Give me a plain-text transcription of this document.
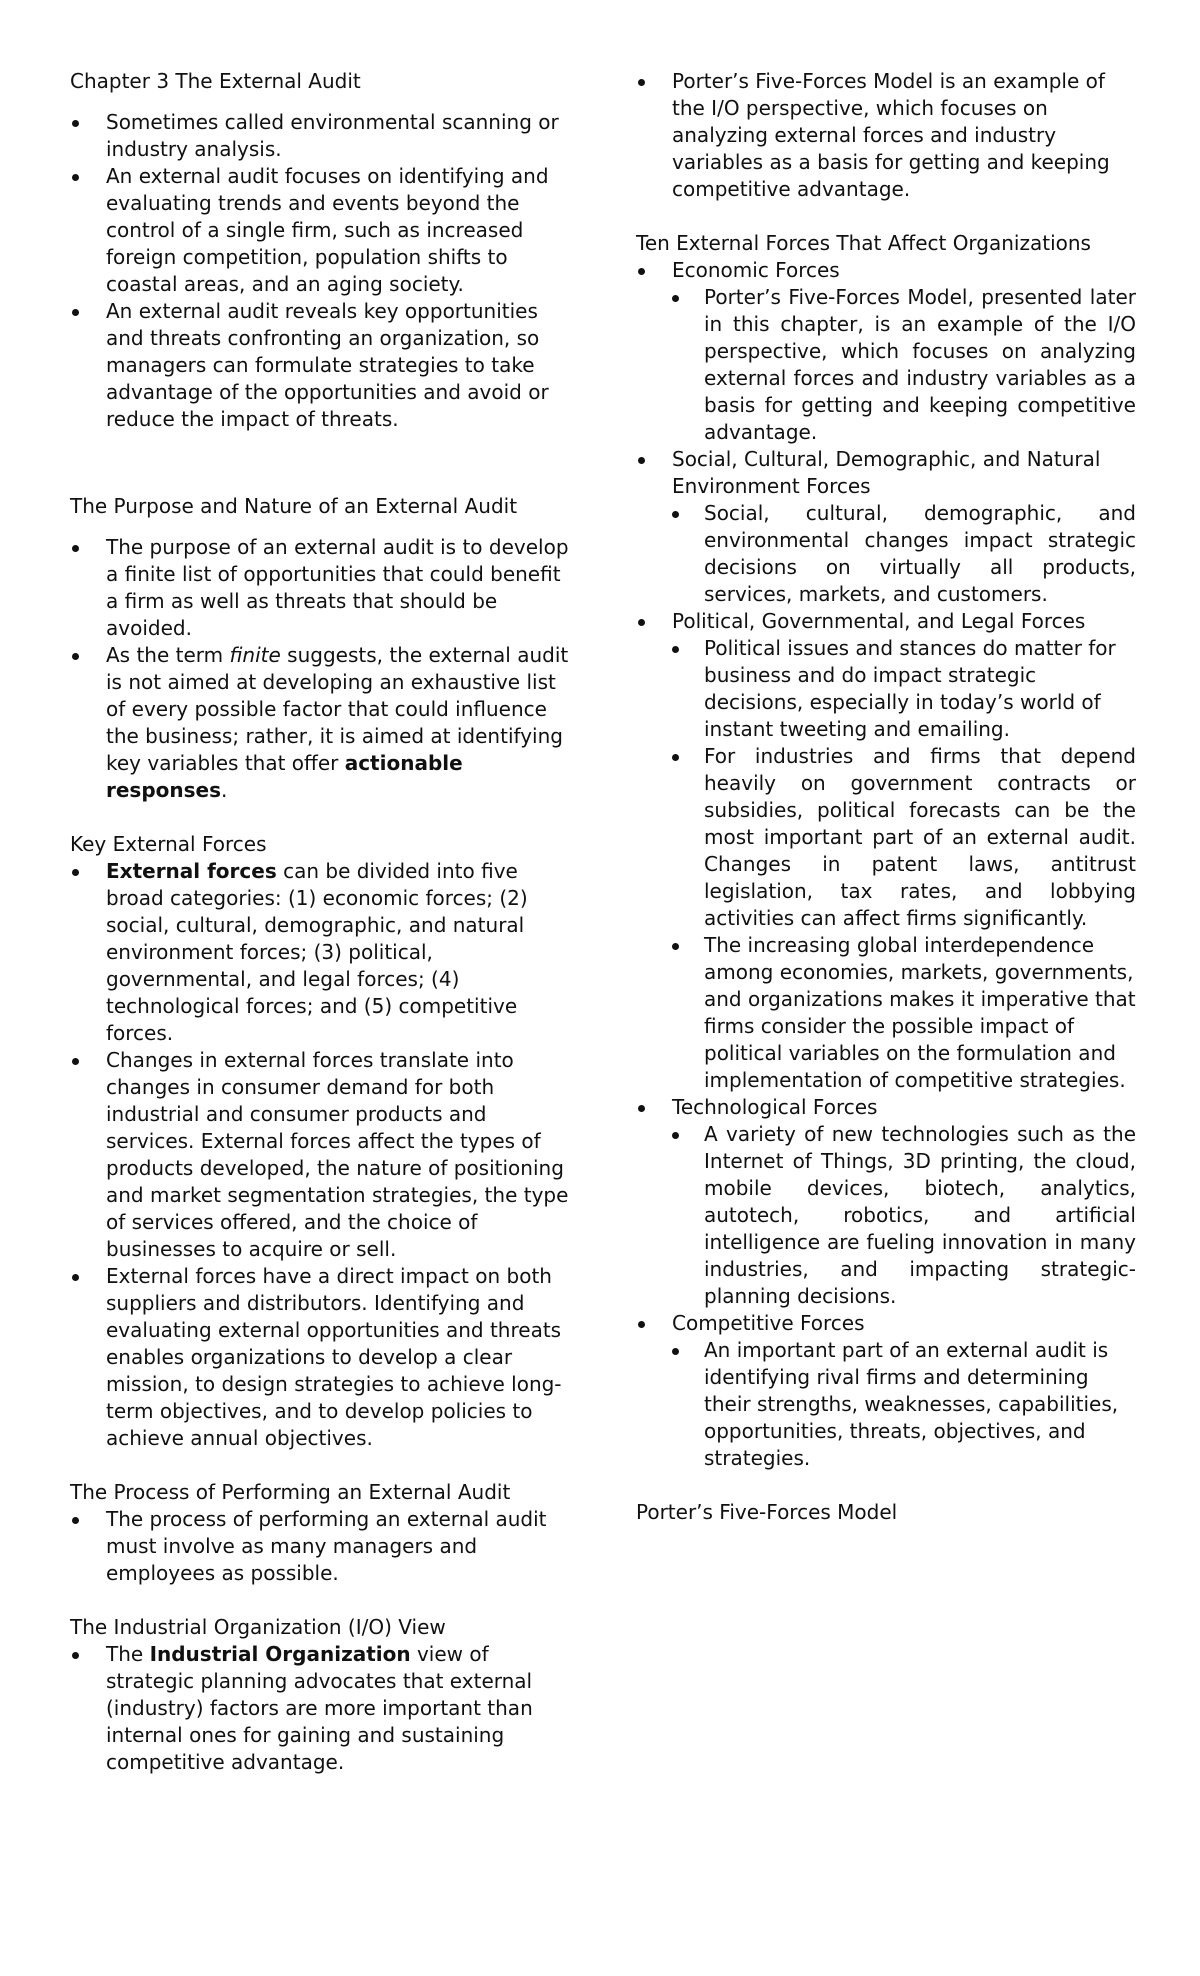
Chapter 3 The External Audit

Sometimes called environmental scanning or industry analysis.
An external audit focuses on identifying and evaluating trends and events beyond the control of a single firm, such as increased foreign competition, population shifts to coastal areas, and an aging society.
An external audit reveals key opportunities and threats confronting an organization, so managers can formulate strategies to take advantage of the opportunities and avoid or reduce the impact of threats.

The Purpose and Nature of an External Audit

The purpose of an external audit is to develop a finite list of opportunities that could benefit a firm as well as threats that should be avoided.
As the term finite suggests, the external audit is not aimed at developing an exhaustive list of every possible factor that could influence the business; rather, it is aimed at identifying key variables that offer actionable responses.

Key External Forces

External forces can be divided into five broad categories: (1) economic forces; (2) social, cultural, demographic, and natural environment forces; (3) political, governmental, and legal forces; (4) technological forces; and (5) competitive forces.
Changes in external forces translate into changes in consumer demand for both industrial and consumer products and services. External forces affect the types of products developed, the nature of positioning and market segmentation strategies, the type of services offered, and the choice of businesses to acquire or sell.
External forces have a direct impact on both suppliers and distributors. Identifying and evaluating external opportunities and threats enables organizations to develop a clear mission, to design strategies to achieve long-term objectives, and to develop policies to achieve annual objectives.

The Process of Performing an External Audit

The process of performing an external audit must involve as many managers and employees as possible.

The Industrial Organization (I/O) View

The Industrial Organization view of strategic planning advocates that external (industry) factors are more important than internal ones for gaining and sustaining competitive advantage.
Porter’s Five-Forces Model is an example of the I/O perspective, which focuses on analyzing external forces and industry variables as a basis for getting and keeping competitive advantage.

Ten External Forces That Affect Organizations

Economic Forces
Porter’s Five-Forces Model, presented later in this chapter, is an example of the I/O perspective, which focuses on analyzing external forces and industry variables as a basis for getting and keeping competitive advantage.
Social, Cultural, Demographic, and Natural Environment Forces
Social, cultural, demographic, and environmental changes impact strategic decisions on virtually all products, services, markets, and customers.
Political, Governmental, and Legal Forces
Political issues and stances do matter for business and do impact strategic decisions, especially in today’s world of instant tweeting and emailing.
For industries and firms that depend heavily on government contracts or subsidies, political forecasts can be the most important part of an external audit. Changes in patent laws, antitrust legislation, tax rates, and lobbying activities can affect firms significantly.
The increasing global interdependence among economies, markets, governments, and organizations makes it imperative that firms consider the possible impact of political variables on the formulation and implementation of competitive strategies.
Technological Forces
A variety of new technologies such as the Internet of Things, 3D printing, the cloud, mobile devices, biotech, analytics, autotech, robotics, and artificial intelligence are fueling innovation in many industries, and impacting strategic-planning decisions.
Competitive Forces
An important part of an external audit is identifying rival firms and determining their strengths, weaknesses, capabilities, opportunities, threats, objectives, and strategies.

Porter’s Five-Forces Model
